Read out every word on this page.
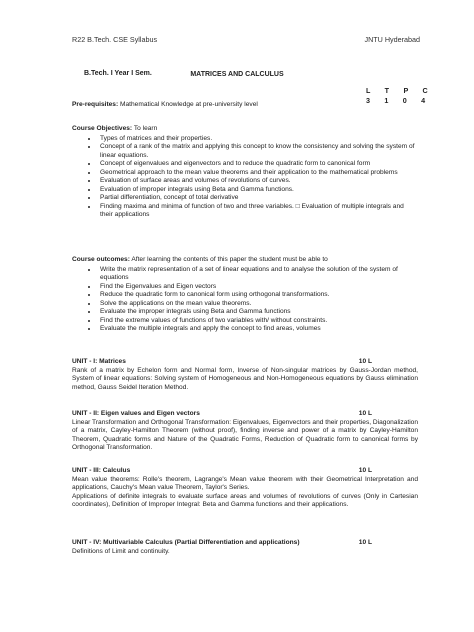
R22 B.Tech. CSE Syllabus	JNTU Hyderabad
B.Tech. I Year I Sem.	MATRICES AND CALCULUS
L T P C
3 1 0 4
Pre-requisites: Mathematical Knowledge at pre-university level
Course Objectives: To learn
• Types of matrices and their properties.
• Concept of a rank of the matrix and applying this concept to know the consistency and solving the system of linear equations.
• Concept of eigenvalues and eigenvectors and to reduce the quadratic form to canonical form
• Geometrical approach to the mean value theorems and their application to the mathematical problems
• Evaluation of surface areas and volumes of revolutions of curves.
• Evaluation of improper integrals using Beta and Gamma functions.
• Partial differentiation, concept of total derivative
• Finding maxima and minima of function of two and three variables. □ Evaluation of multiple integrals and their applications
Course outcomes: After learning the contents of this paper the student must be able to
• Write the matrix representation of a set of linear equations and to analyse the solution of the system of equations
• Find the Eigenvalues and Eigen vectors
• Reduce the quadratic form to canonical form using orthogonal transformations.
• Solve the applications on the mean value theorems.
• Evaluate the improper integrals using Beta and Gamma functions
• Find the extreme values of functions of two variables with/ without constraints.
• Evaluate the multiple integrals and apply the concept to find areas, volumes
UNIT - I: Matrices	10 L

Rank of a matrix by Echelon form and Normal form, Inverse of Non-singular matrices by Gauss-Jordan method, System of linear equations: Solving system of Homogeneous and Non-Homogeneous equations by Gauss elimination method, Gauss Seidel Iteration Method.

UNIT - II: Eigen values and Eigen vectors	10 L

Linear Transformation and Orthogonal Transformation: Eigenvalues, Eigenvectors and their properties, Diagonalization of a matrix, Cayley-Hamilton Theorem (without proof), finding inverse and power of a matrix by Cayley-Hamilton Theorem, Quadratic forms and Nature of the Quadratic Forms, Reduction of Quadratic form to canonical forms by Orthogonal Transformation.

UNIT - III: Calculus	10 L

Mean value theorems: Rolle's theorem, Lagrange's Mean value theorem with their Geometrical Interpretation and applications, Cauchy's Mean value Theorem, Taylor's Series.

Applications of definite integrals to evaluate surface areas and volumes of revolutions of curves (Only in Cartesian coordinates), Definition of Improper Integral: Beta and Gamma functions and their applications.

UNIT - IV: Multivariable Calculus (Partial Differentiation and applications)	10 L

Definitions of Limit and continuity.
